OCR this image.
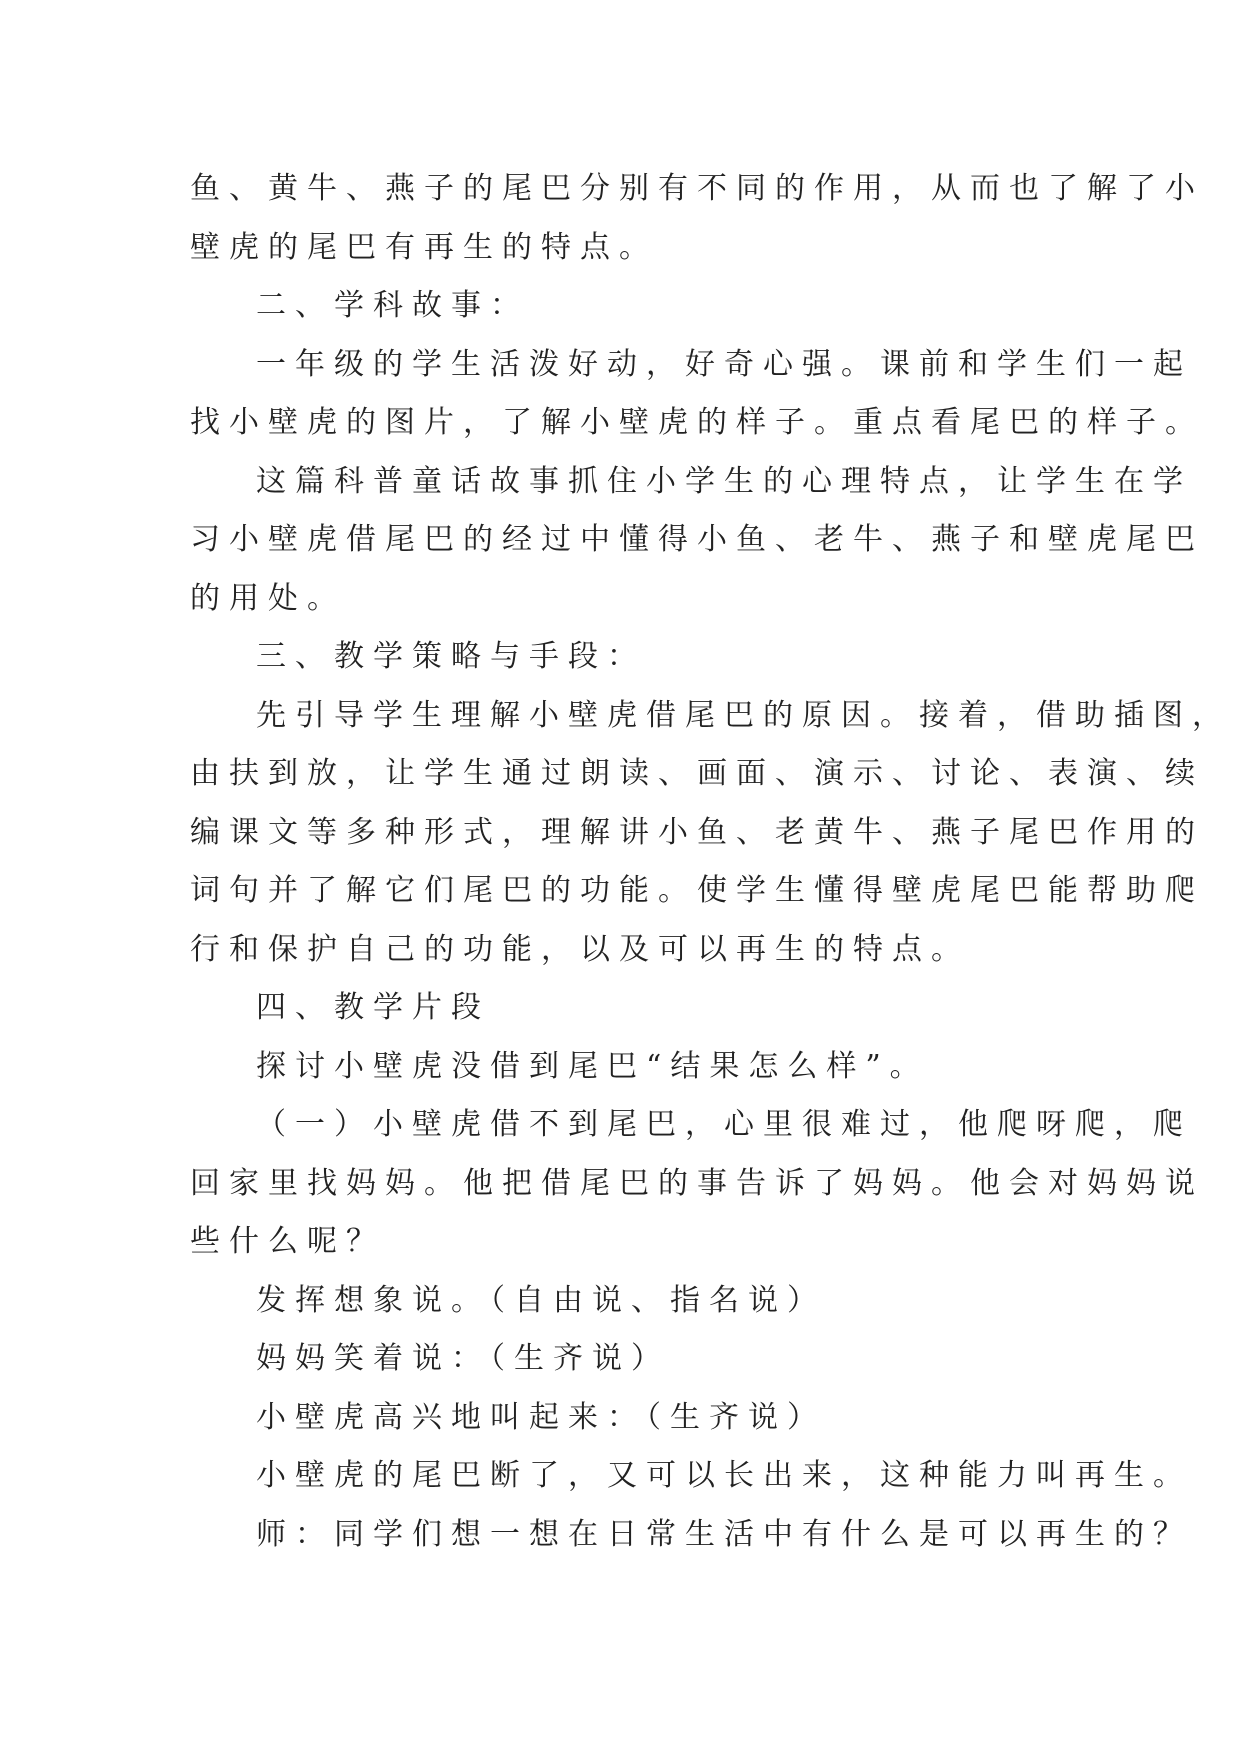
鱼、黄牛、燕子的尾巴分别有不同的作用，从而也了解了小
壁虎的尾巴有再生的特点。
二、学科故事：
一年级的学生活泼好动，好奇心强。课前和学生们一起
找小壁虎的图片，了解小壁虎的样子。重点看尾巴的样子。
这篇科普童话故事抓住小学生的心理特点，让学生在学
习小壁虎借尾巴的经过中懂得小鱼、老牛、燕子和壁虎尾巴
的用处。
三、教学策略与手段：
先引导学生理解小壁虎借尾巴的原因。接着，借助插图，
由扶到放，让学生通过朗读、画面、演示、讨论、表演、续
编课文等多种形式，理解讲小鱼、老黄牛、燕子尾巴作用的
词句并了解它们尾巴的功能。使学生懂得壁虎尾巴能帮助爬
行和保护自己的功能，以及可以再生的特点。
四、教学片段
探讨小壁虎没借到尾巴“结果怎么样”。
（一）小壁虎借不到尾巴，心里很难过，他爬呀爬，爬
回家里找妈妈。他把借尾巴的事告诉了妈妈。他会对妈妈说
些什么呢？
发挥想象说。（自由说、指名说）
妈妈笑着说：（生齐说）
小壁虎高兴地叫起来：（生齐说）
小壁虎的尾巴断了，又可以长出来，这种能力叫再生。
师：同学们想一想在日常生活中有什么是可以再生的？
